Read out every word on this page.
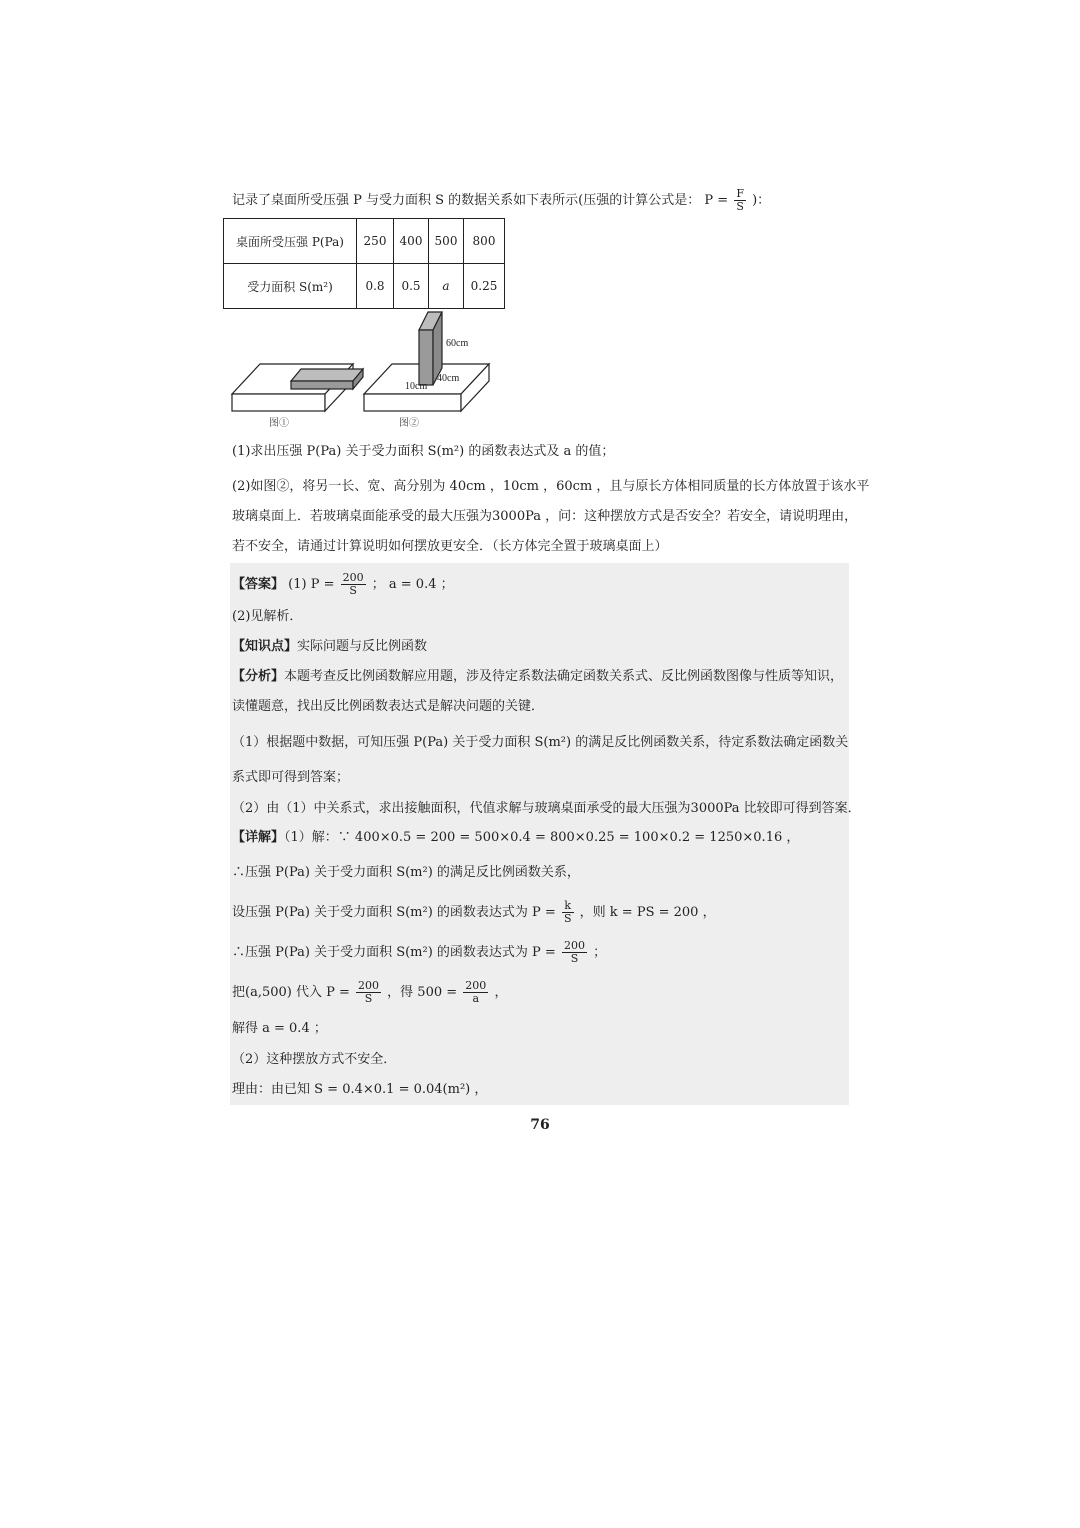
记录了桌面所受压强 P 与受力面积 S 的数据关系如下表所示(压强的计算公式是： $P = \frac{F}{S}$ )：
桌面所受压强 P(Pa)	250	400	500	800
受力面积 S(m²)	0.8	0.5	a	0.25
60cm
40cm
10cm
图①	图②
(1)求出压强 P(Pa) 关于受力面积 S(m²) 的函数表达式及 a 的值；
(2)如图②，将另一长、宽、高分别为 40cm ，10cm ，60cm ，且与原长方体相同质量的长方体放置于该水平
玻璃桌面上．若玻璃桌面能承受的最大压强为3000Pa ，问：这种摆放方式是否安全？若安全，请说明理由，
若不安全，请通过计算说明如何摆放更安全．（长方体完全置于玻璃桌面上）
【答案】 (1) $P = \frac{200}{S}$ ； a = 0.4 ；
(2)见解析．
【知识点】实际问题与反比例函数
【分析】本题考查反比例函数解应用题，涉及待定系数法确定函数关系式、反比例函数图像与性质等知识，
读懂题意，找出反比例函数表达式是解决问题的关键．
（1）根据题中数据，可知压强 P(Pa) 关于受力面积 S(m²) 的满足反比例函数关系，待定系数法确定函数关
系式即可得到答案；
（2）由（1）中关系式，求出接触面积，代值求解与玻璃桌面承受的最大压强为3000Pa 比较即可得到答案．
【详解】（1）解：∵ 400×0.5 = 200 = 500×0.4 = 800×0.25 = 100×0.2 = 1250×0.16 ，
∴压强 P(Pa) 关于受力面积 S(m²) 的满足反比例函数关系，
设压强 P(Pa) 关于受力面积 S(m²) 的函数表达式为 $P = \frac{k}{S}$ ，则 k = PS = 200 ，
∴压强 P(Pa) 关于受力面积 S(m²) 的函数表达式为 $P = \frac{200}{S}$ ；
把(a,500) 代入 $P = \frac{200}{S}$ ，得 $500 = \frac{200}{a}$ ，
解得 a = 0.4 ；
（2）这种摆放方式不安全．
理由：由已知 S = 0.4×0.1 = 0.04(m²) ，
76
